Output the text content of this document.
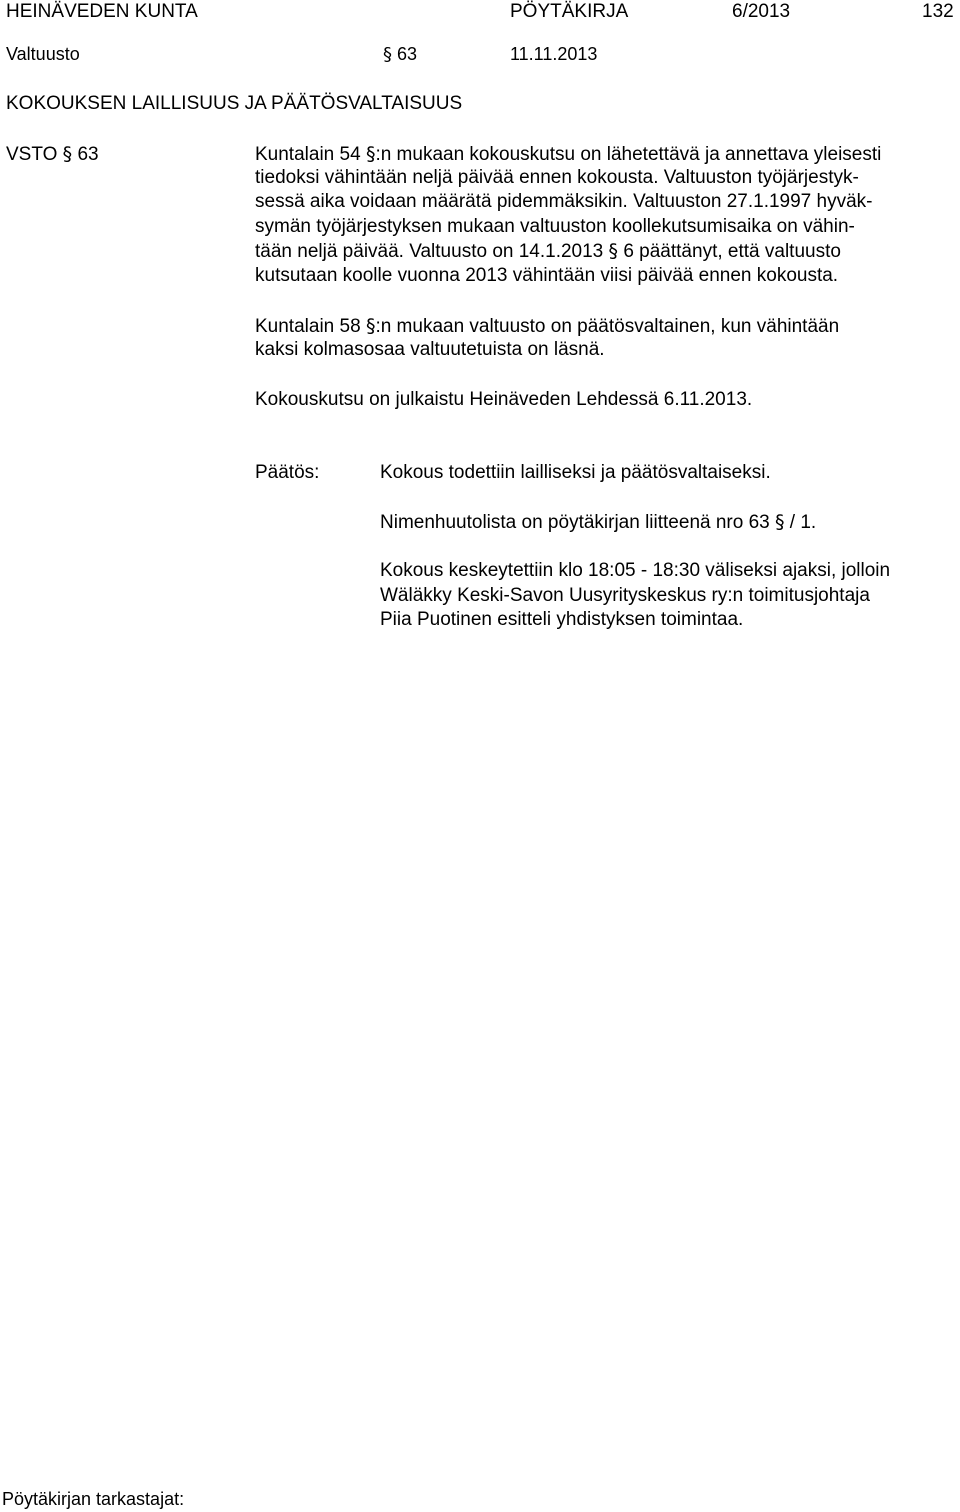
HEINÄVEDEN KUNTA	PÖYTÄKIRJA	6/2013	132
Valtuusto	§ 63	11.11.2013
KOKOUKSEN LAILLISUUS JA PÄÄTÖSVALTAISUUS
VSTO § 63	Kuntalain 54 §:n mukaan kokouskutsu on lähetettävä ja annettava yleisesti
tiedoksi vähintään neljä päivää ennen kokousta. Valtuuston työjärjestyk-
sessä aika voidaan määrätä pidemmäksikin. Valtuuston 27.1.1997 hyväk-
symän työjärjestyksen mukaan valtuuston koollekutsumisaika on vähin-
tään neljä päivää. Valtuusto on 14.1.2013 § 6 päättänyt, että valtuusto
kutsutaan koolle vuonna 2013 vähintään viisi päivää ennen kokousta.
Kuntalain 58 §:n mukaan valtuusto on päätösvaltainen, kun vähintään
kaksi kolmasosaa valtuutetuista on läsnä.
Kokouskutsu on julkaistu Heinäveden Lehdessä 6.11.2013.
Päätös:	Kokous todettiin lailliseksi ja päätösvaltaiseksi.
Nimenhuutolista on pöytäkirjan liitteenä nro 63 § / 1.
Kokous keskeytettiin klo 18:05 - 18:30 väliseksi ajaksi, jolloin
Wäläkky Keski-Savon Uusyrityskeskus ry:n toimitusjohtaja
Piia Puotinen esitteli yhdistyksen toimintaa.
Pöytäkirjan tarkastajat:
